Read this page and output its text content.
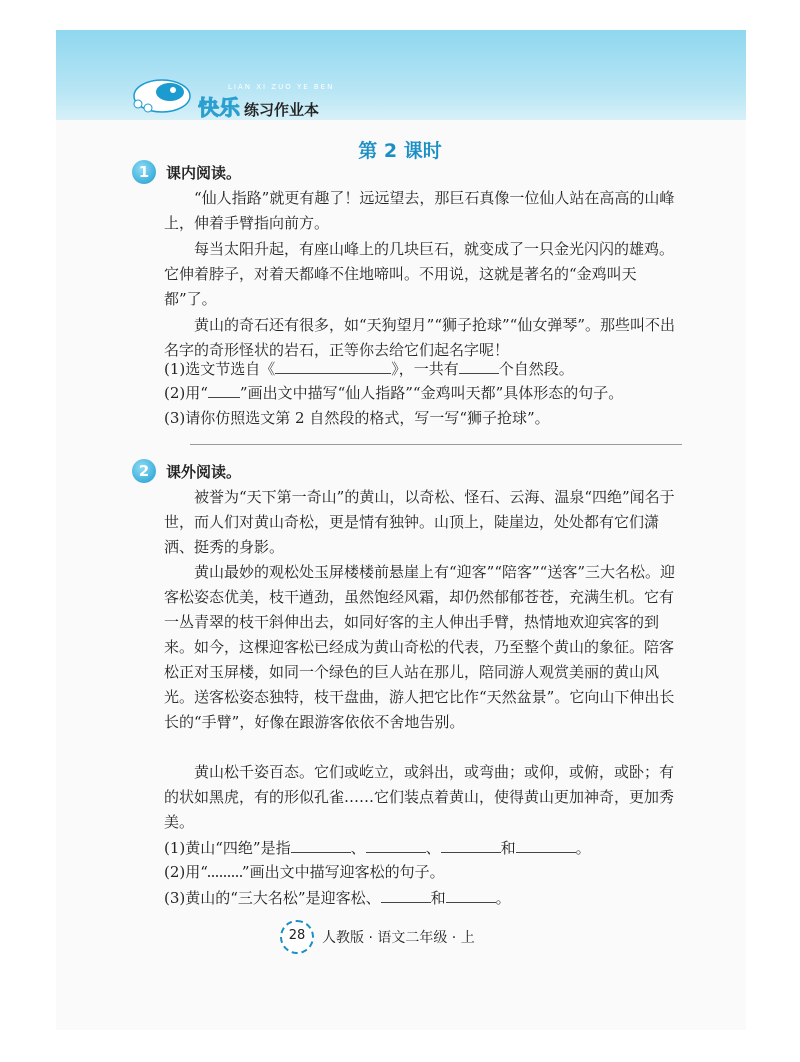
LIAN XI ZUO YE BEN
快乐 练习作业本
第 2 课时
1	课内阅读。

“仙人指路”就更有趣了！远远望去，那巨石真像一位仙人站在高高的山峰上，伸着手臂指向前方。

每当太阳升起，有座山峰上的几块巨石，就变成了一只金光闪闪的雄鸡。它伸着脖子，对着天都峰不住地啼叫。不用说，这就是著名的“金鸡叫天都”了。

黄山的奇石还有很多，如“天狗望月”“狮子抢球”“仙女弹琴”。那些叫不出名字的奇形怪状的岩石，正等你去给它们起名字呢！

(1)选文节选自《	》，一共有	个自然段。

(2)用“ ”画出文中描写“仙人指路”“金鸡叫天都”具体形态的句子。

(3)请你仿照选文第 2 自然段的格式，写一写“狮子抢球”。

2	课外阅读。

被誉为“天下第一奇山”的黄山，以奇松、怪石、云海、温泉“四绝”闻名于世，而人们对黄山奇松，更是情有独钟。山顶上，陡崖边，处处都有它们潇洒、挺秀的身影。

黄山最妙的观松处玉屏楼楼前悬崖上有“迎客”“陪客”“送客”三大名松。迎客松姿态优美，枝干遒劲，虽然饱经风霜，却仍然郁郁苍苍，充满生机。它有一丛青翠的枝干斜伸出去，如同好客的主人伸出手臂，热情地欢迎宾客的到来。如今，这棵迎客松已经成为黄山奇松的代表，乃至整个黄山的象征。陪客松正对玉屏楼，如同一个绿色的巨人站在那儿，陪同游人观赏美丽的黄山风光。送客松姿态独特，枝干盘曲，游人把它比作“天然盆景”。它向山下伸出长长的“手臂”，好像在跟游客依依不舍地告别。

黄山松千姿百态。它们或屹立，或斜出，或弯曲；或仰，或俯，或卧；有的状如黑虎，有的形似孔雀……它们装点着黄山，使得黄山更加神奇，更加秀美。

(1)黄山“四绝”是指	、	、	和	。

(2)用“ ”画出文中描写迎客松的句子。

(3)黄山的“三大名松”是迎客松、	和	。

28	人教版 · 语文二年级 · 上
